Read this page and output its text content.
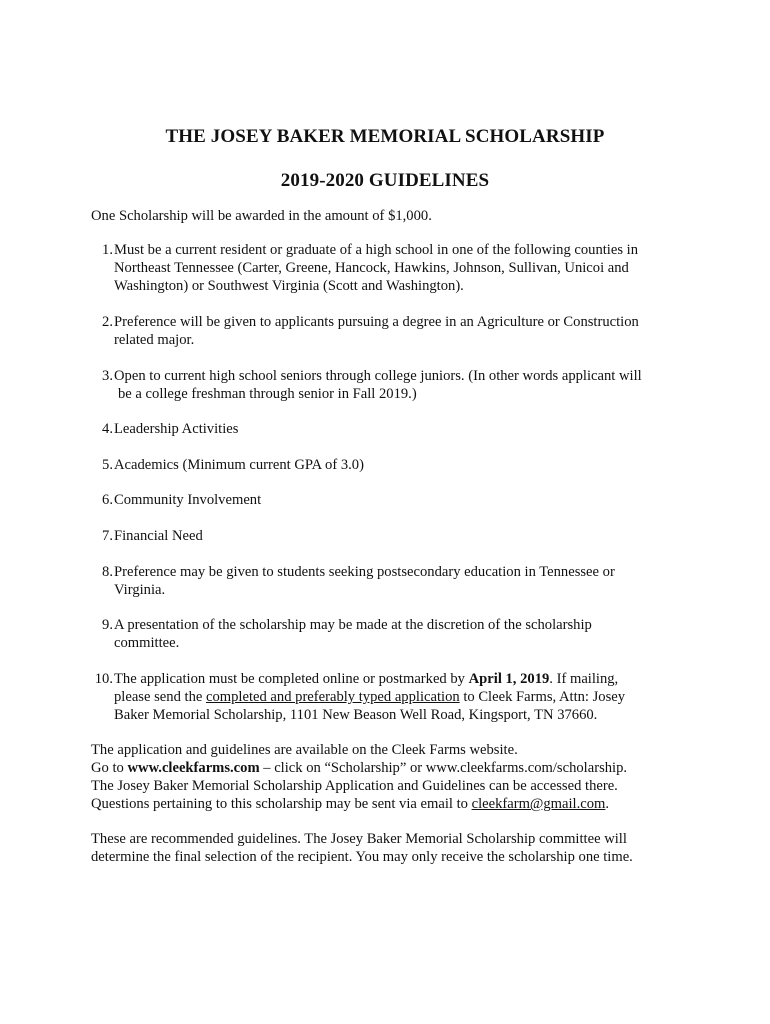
THE JOSEY BAKER MEMORIAL SCHOLARSHIP
2019-2020 GUIDELINES
One Scholarship will be awarded in the amount of $1,000.
1. Must be a current resident or graduate of a high school in one of the following counties in
Northeast Tennessee (Carter, Greene, Hancock, Hawkins, Johnson, Sullivan, Unicoi and
Washington) or Southwest Virginia (Scott and Washington).
2. Preference will be given to applicants pursuing a degree in an Agriculture or Construction
related major.
3. Open to current high school seniors through college juniors. (In other words applicant will
be a college freshman through senior in Fall 2019.)
4. Leadership Activities
5. Academics (Minimum current GPA of 3.0)
6. Community Involvement
7. Financial Need
8. Preference may be given to students seeking postsecondary education in Tennessee or
Virginia.
9. A presentation of the scholarship may be made at the discretion of the scholarship
committee.
10. The application must be completed online or postmarked by April 1, 2019. If mailing,
please send the completed and preferably typed application to Cleek Farms, Attn: Josey
Baker Memorial Scholarship, 1101 New Beason Well Road, Kingsport, TN 37660.
The application and guidelines are available on the Cleek Farms website.
Go to www.cleekfarms.com – click on “Scholarship” or www.cleekfarms.com/scholarship.
The Josey Baker Memorial Scholarship Application and Guidelines can be accessed there.
Questions pertaining to this scholarship may be sent via email to cleekfarm@gmail.com.
These are recommended guidelines. The Josey Baker Memorial Scholarship committee will
determine the final selection of the recipient. You may only receive the scholarship one time.
